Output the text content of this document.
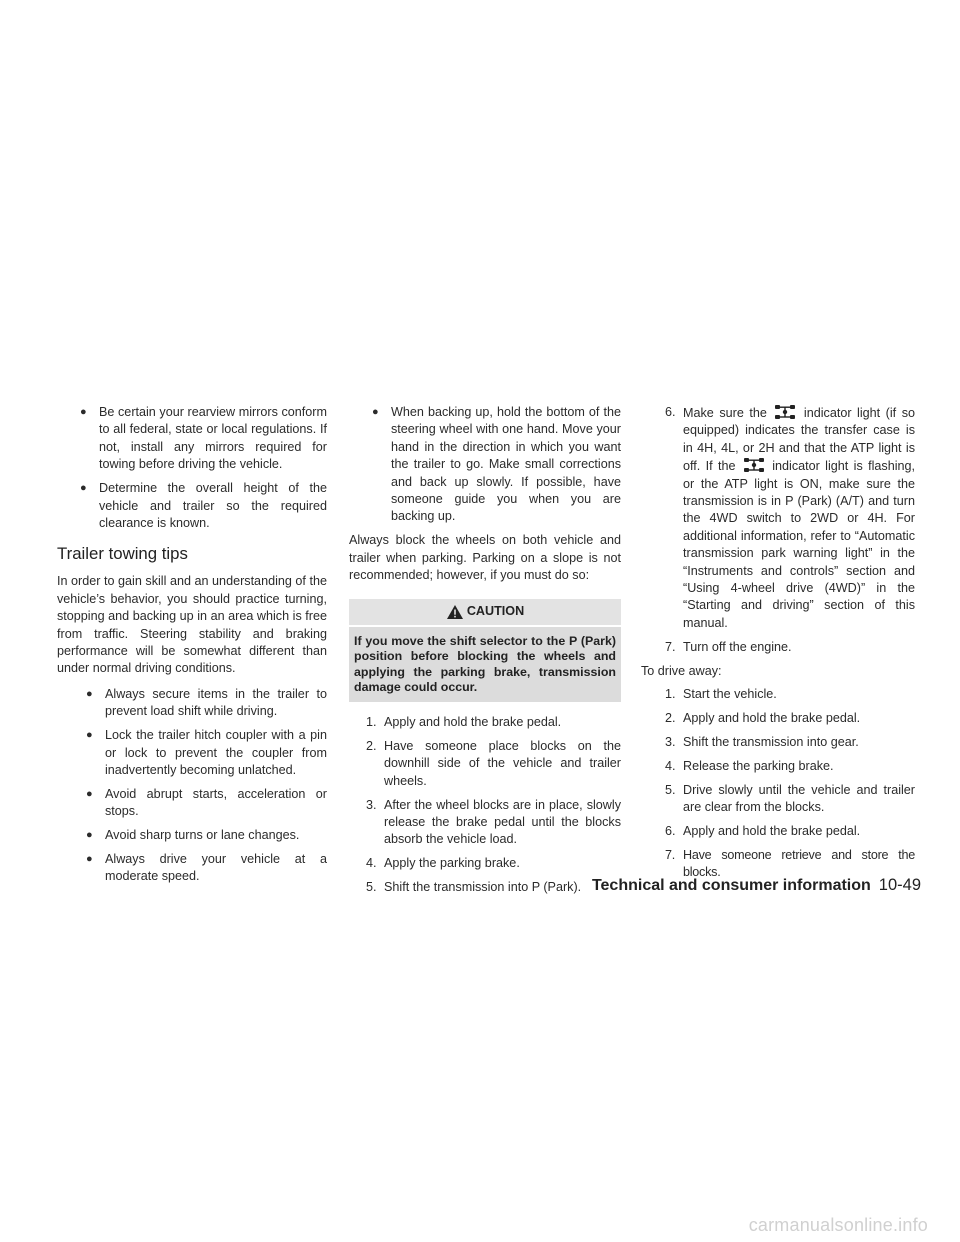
● Be certain your rearview mirrors conform to all federal, state or local regulations. If not, install any mirrors required for towing before driving the vehicle.
● Determine the overall height of the vehicle and trailer so the required clearance is known.
Trailer towing tips

In order to gain skill and an understanding of the vehicle’s behavior, you should practice turning, stopping and backing up in an area which is free from traffic. Steering stability and braking performance will be somewhat different than under normal driving conditions.

● Always secure items in the trailer to prevent load shift while driving.
● Lock the trailer hitch coupler with a pin or lock to prevent the coupler from inadvertently becoming unlatched.
● Avoid abrupt starts, acceleration or stops.
● Avoid sharp turns or lane changes.
● Always drive your vehicle at a moderate speed.
● When backing up, hold the bottom of the steering wheel with one hand. Move your hand in the direction in which you want the trailer to go. Make small corrections and back up slowly. If possible, have someone guide you when you are backing up.

Always block the wheels on both vehicle and trailer when parking. Parking on a slope is not recommended; however, if you must do so:

CAUTION
If you move the shift selector to the P (Park) position before blocking the wheels and applying the parking brake, transmission damage could occur.
1. Apply and hold the brake pedal.
2. Have someone place blocks on the downhill side of the vehicle and trailer wheels.
3. After the wheel blocks are in place, slowly release the brake pedal until the blocks absorb the vehicle load.
4. Apply the parking brake.
5. Shift the transmission into P (Park).
6. Make sure the	indicator light (if so equipped) indicates the transfer case is in 4H, 4L, or 2H and that the ATP light is off. If the	indicator light is flashing, or the ATP light is ON, make sure the transmission is in P (Park) (A/T) and turn the 4WD switch to 2WD or 4H. For additional information, refer to “Automatic transmission park warning light” in the “Instruments and controls” section and “Using 4-wheel drive (4WD)” in the “Starting and driving” section of this manual.
7. Turn off the engine.

To drive away:

1. Start the vehicle.
2. Apply and hold the brake pedal.
3. Shift the transmission into gear.
4. Release the parking brake.
5. Drive slowly until the vehicle and trailer are clear from the blocks.
6. Apply and hold the brake pedal.
7. Have someone retrieve and store the blocks.
Technical and consumer information 10-49
carmanualsonline.info
